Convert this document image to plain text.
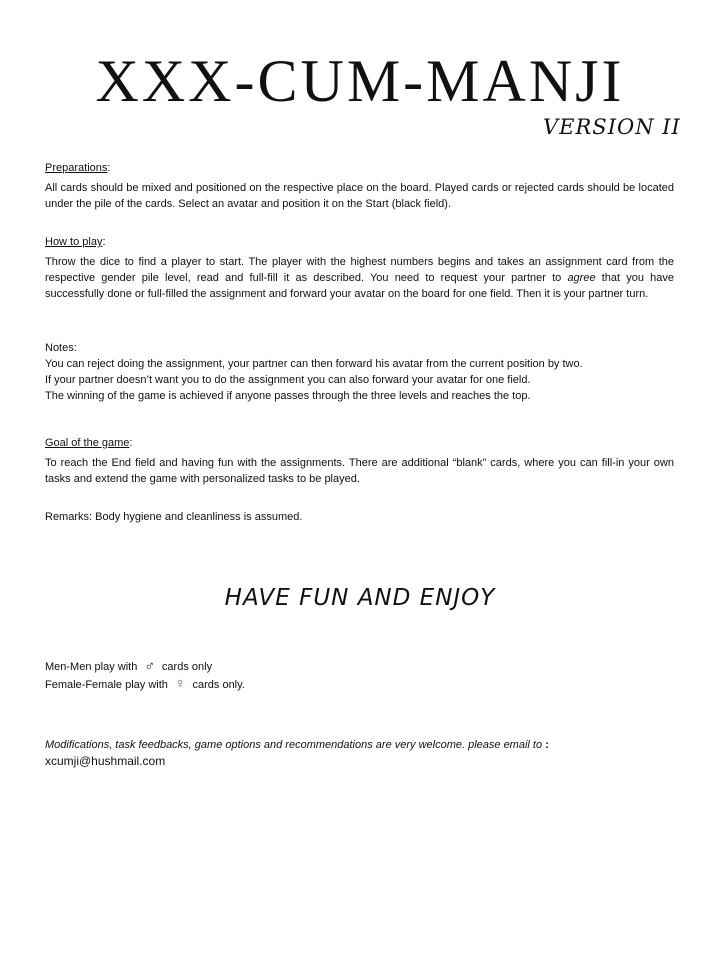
XXX-CUM-MANJI
VERSION II

Preparations:

All cards should be mixed and positioned on the respective place on the board. Played cards or rejected cards should be located under the pile of the cards. Select an avatar and position it on the Start (black field).

How to play:

Throw the dice to find a player to start. The player with the highest numbers begins and takes an assignment card from the respective gender pile level, read and full-fill it as described. You need to request your partner to agree that you have successfully done or full-filled the assignment and forward your avatar on the board for one field. Then it is your partner turn.

Notes:

You can reject doing the assignment, your partner can then forward his avatar from the current position by two.

If your partner doesn’t want you to do the assignment you can also forward your avatar for one field.

The winning of the game is achieved if anyone passes through the three levels and reaches the top.

Goal of the game:

To reach the End field and having fun with the assignments. There are additional “blank” cards, where you can fill-in your own tasks and extend the game with personalized tasks to be played.

Remarks: Body hygiene and cleanliness is assumed.

HAVE FUN AND ENJOY

Men-Men play with ♂ cards only

Female-Female play with ♀ cards only.

Modifications, task feedbacks, game options and recommendations are very welcome. please email to :

xcumji@hushmail.com
